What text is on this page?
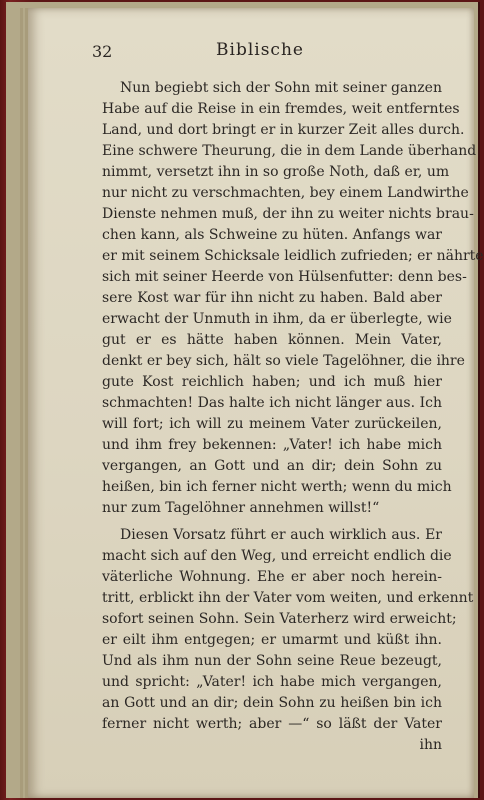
32	Biblische
Nun begiebt sich der Sohn mit seiner ganzen
Habe auf die Reise in ein fremdes, weit entferntes
Land, und dort bringt er in kurzer Zeit alles durch.
Eine schwere Theurung, die in dem Lande überhand
nimmt, versetzt ihn in so große Noth, daß er, um
nur nicht zu verschmachten, bey einem Landwirthe
Dienste nehmen muß, der ihn zu weiter nichts brau-
chen kann, als Schweine zu hüten. Anfangs war
er mit seinem Schicksale leidlich zufrieden; er nährte
sich mit seiner Heerde von Hülsenfutter: denn bes-
sere Kost war für ihn nicht zu haben. Bald aber
erwacht der Unmuth in ihm, da er überlegte, wie
gut er es hätte haben können. Mein Vater,
denkt er bey sich, hält so viele Tagelöhner, die ihre
gute Kost reichlich haben; und ich muß hier
schmachten! Das halte ich nicht länger aus. Ich
will fort; ich will zu meinem Vater zurückeilen,
und ihm frey bekennen: „Vater! ich habe mich
vergangen, an Gott und an dir; dein Sohn zu
heißen, bin ich ferner nicht werth; wenn du mich
nur zum Tagelöhner annehmen willst!“
Diesen Vorsatz führt er auch wirklich aus. Er
macht sich auf den Weg, und erreicht endlich die
väterliche Wohnung. Ehe er aber noch herein-
tritt, erblickt ihn der Vater vom weiten, und erkennt
sofort seinen Sohn. Sein Vaterherz wird erweicht;
er eilt ihm entgegen; er umarmt und küßt ihn.
Und als ihm nun der Sohn seine Reue bezeugt,
und spricht: „Vater! ich habe mich vergangen,
an Gott und an dir; dein Sohn zu heißen bin ich
ferner nicht werth; aber —“ so läßt der Vater
ihn
